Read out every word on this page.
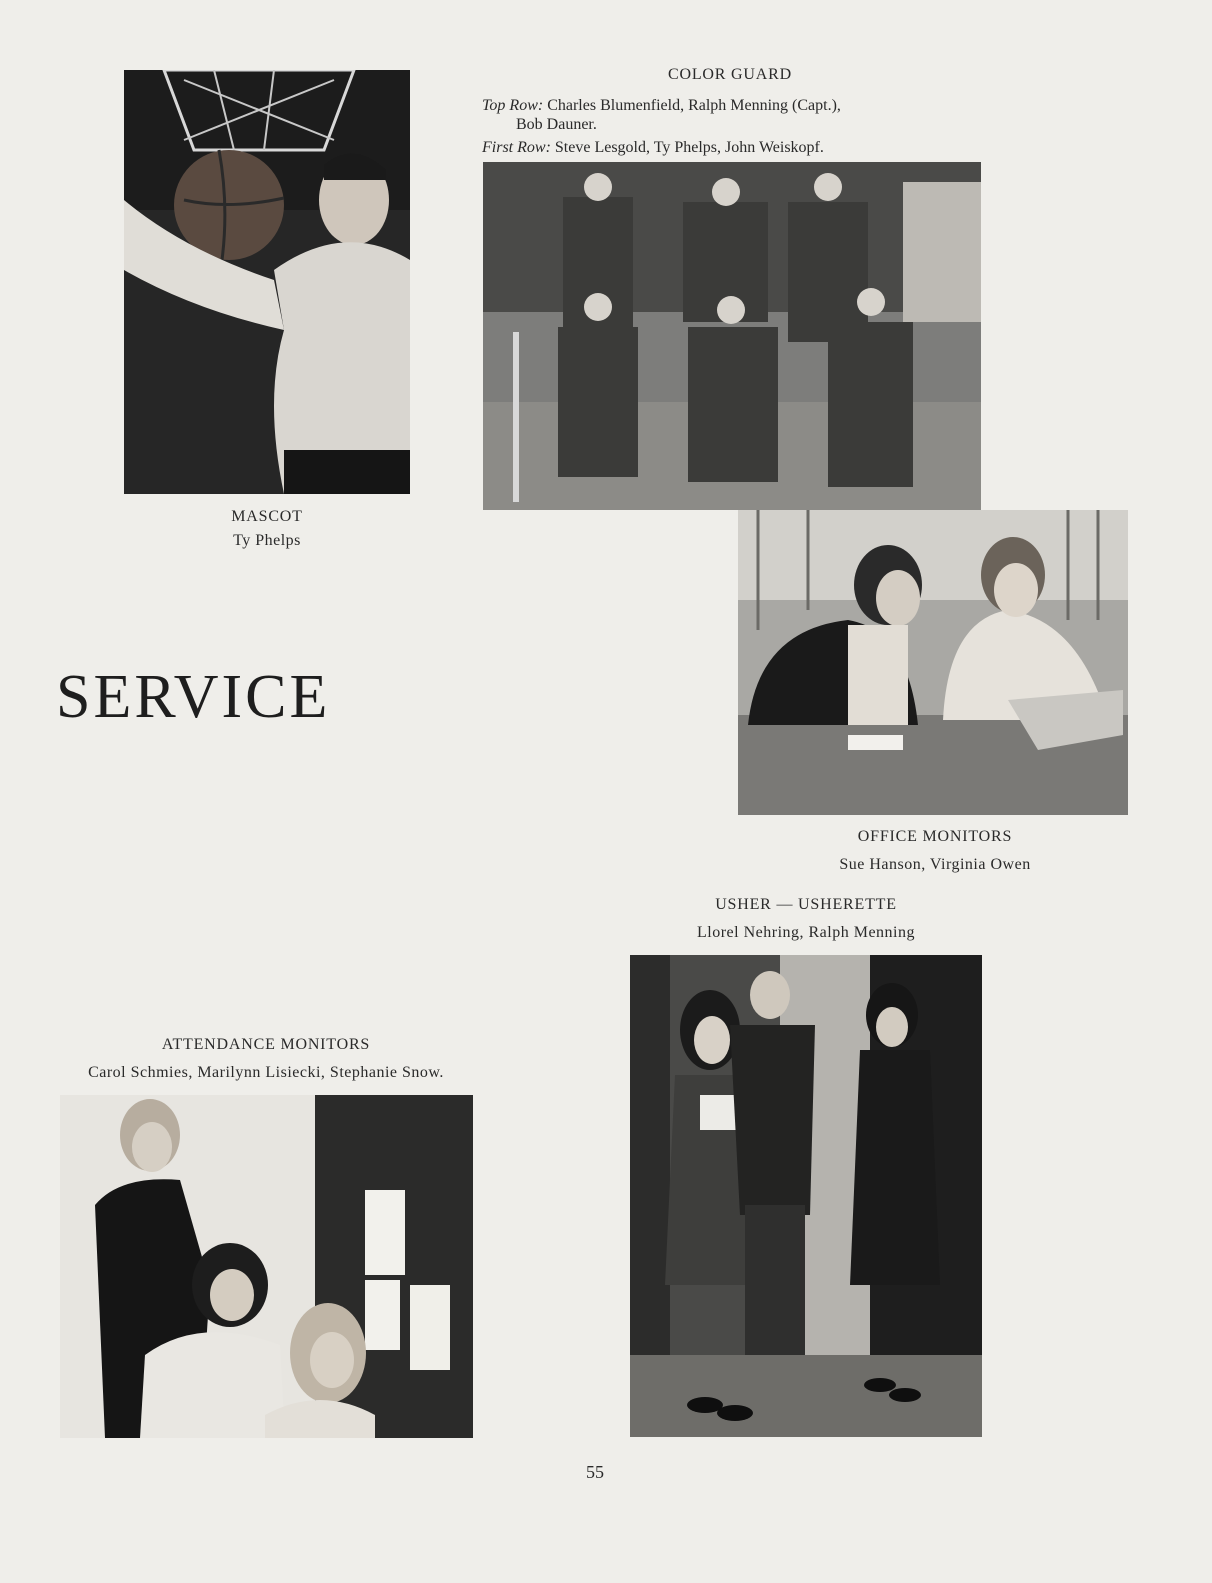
MASCOT
Ty Phelps
COLOR GUARD
Top Row: Charles Blumenfield, Ralph Menning (Capt.),
Bob Dauner.
First Row: Steve Lesgold, Ty Phelps, John Weiskopf.
SERVICE
OFFICE MONITORS
Sue Hanson, Virginia Owen
USHER — USHERETTE
Llorel Nehring, Ralph Menning
ATTENDANCE MONITORS
Carol Schmies, Marilynn Lisiecki, Stephanie Snow.
55
